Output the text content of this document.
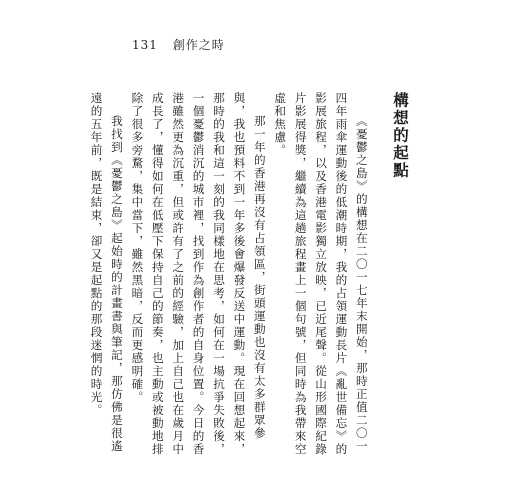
131 創作之時
構想的起點

《憂鬱之島》的構想在二〇一七年末開始，那時正值二〇一四年雨傘運動後的低潮時期，我的占領運動長片《亂世備忘》的影展旅程，以及香港電影獨立放映，已近尾聲。從山形國際紀錄片影展得獎，繼續為這趟旅程畫上一個句號，但同時為我帶來空虛和焦慮。

那一年的香港再沒有占領區，街頭運動也沒有太多群眾參與，我也預料不到一年多後會爆發反送中運動。現在回想起來，那時的我和這一刻的我同樣地在思考，如何在一場抗爭失敗後，一個憂鬱消沉的城市裡，找到作為創作者的自身位置。今日的香港雖然更為沉重，但或許有了之前的經驗，加上自己也在歲月中成長了，懂得如何在低壓下保持自己的節奏，也主動或被動地排除了很多旁騖，集中當下，雖然黑暗，反而更感明確。

我找到《憂鬱之島》起始時的計畫書與筆記，那仿佛是很遙遠的五年前，既是結束，卻又是起點的那段迷惘的時光。
